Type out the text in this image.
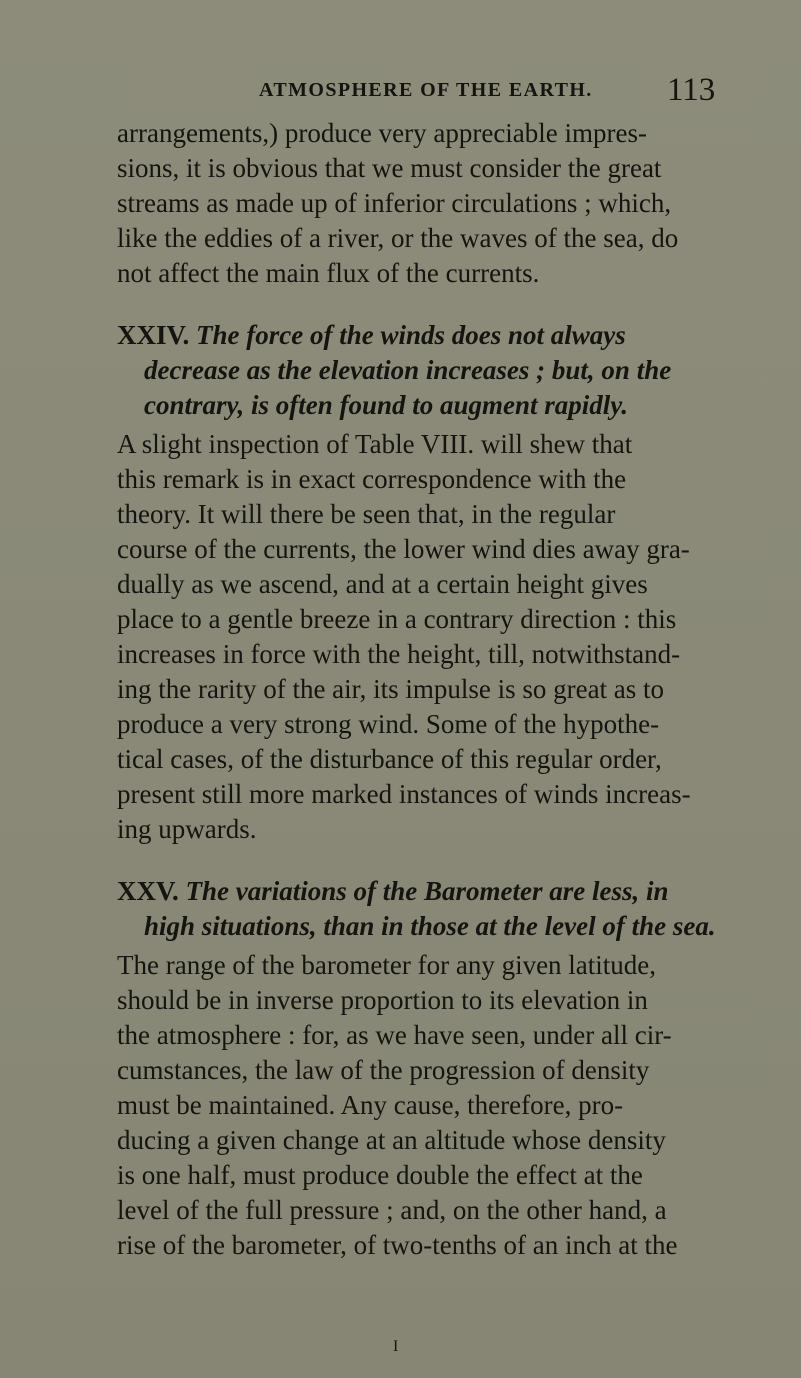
ATMOSPHERE OF THE EARTH. 113

arrangements,) produce very appreciable impres-
sions, it is obvious that we must consider the great
streams as made up of inferior circulations ; which,
like the eddies of a river, or the waves of the sea, do
not affect the main flux of the currents.

XXIV. The force of the winds does not always
decrease as the elevation increases ; but, on the
contrary, is often found to augment rapidly.

A slight inspection of Table VIII. will shew that
this remark is in exact correspondence with the
theory. It will there be seen that, in the regular
course of the currents, the lower wind dies away gra-
dually as we ascend, and at a certain height gives
place to a gentle breeze in a contrary direction : this
increases in force with the height, till, notwithstand-
ing the rarity of the air, its impulse is so great as to
produce a very strong wind. Some of the hypothe-
tical cases, of the disturbance of this regular order,
present still more marked instances of winds increas-
ing upwards.

XXV. The variations of the Barometer are less, in
high situations, than in those at the level of the sea.

The range of the barometer for any given latitude,
should be in inverse proportion to its elevation in
the atmosphere : for, as we have seen, under all cir-
cumstances, the law of the progression of density
must be maintained. Any cause, therefore, pro-
ducing a given change at an altitude whose density
is one half, must produce double the effect at the
level of the full pressure ; and, on the other hand, a
rise of the barometer, of two-tenths of an inch at the

I
